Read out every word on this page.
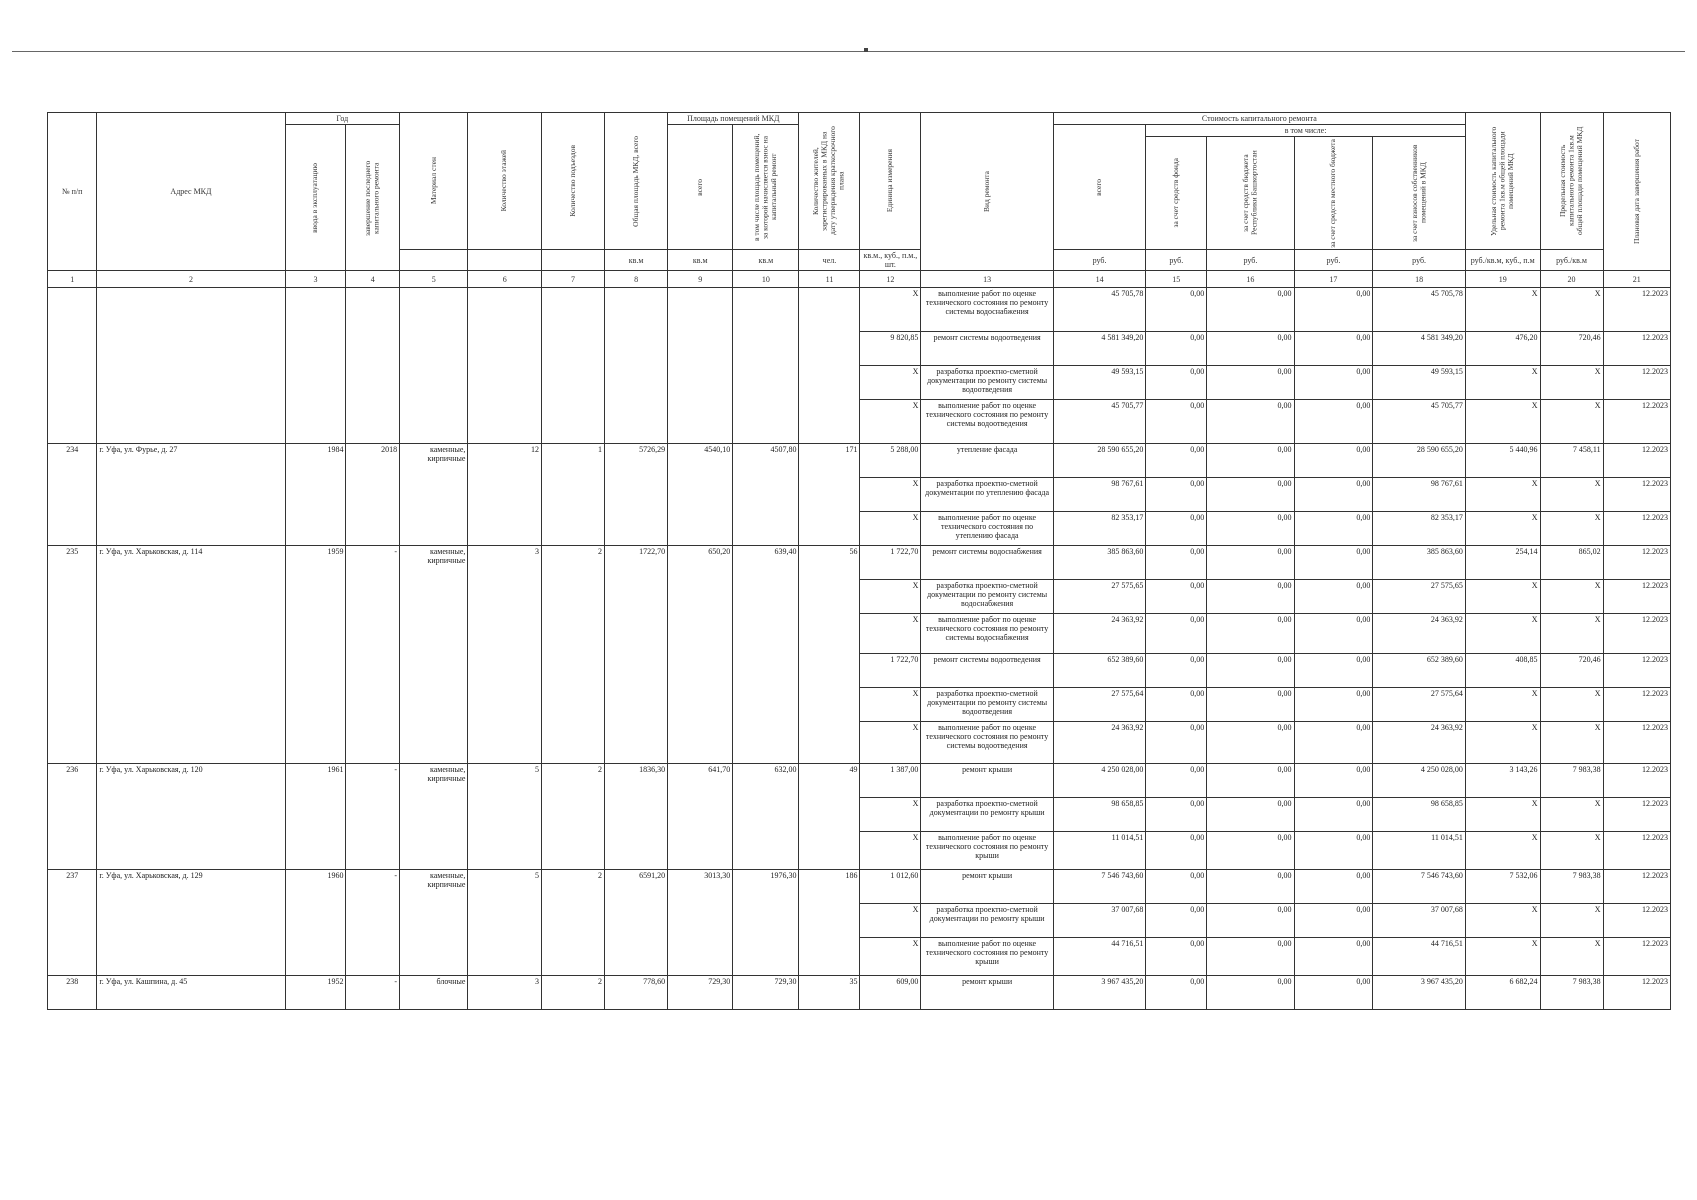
№ п/п	Адрес МКД	Год		Материал стен	Количество этажей	Количество подъездов	Общая площадь МКД, всего	Площадь помещений МКД		Количество жителей, зарегистрированных в МКД на дату утверждения краткосрочного плана	Единица измерения	Вид ремонта	Стоимость капитального ремонта					Удельная стоимость капитального ремонта 1кв.м общей площади помещений МКД	Предельная стоимость капитального ремонта 1кв.м общей площади помещений МКД	Плановая дата завершения работ

		ввода в эксплуатацию	завершение последнего капитального ремонта					всего	в том числе площадь помещений, за которой начисляется взнос на капитальный ремонт				всего	в том числе:						

														за счет средств фонда	за счет средств бюджета Республики Башкортостан	за счет средств местного бюджета	за счет взносов собственников помещений в МКД			

							кв.м	кв.м	кв.м	чел.	кв.м., куб., п.м., шт.		руб.	руб.	руб.	руб.	руб.	руб./кв.м, куб., п.м	руб./кв.м	
1	2	3	4	5	6	7	8	9	10	11	12	13	14	15	16	17	18	19	20	21
											X	выполнение работ по оценке технического состояния по ремонту системы водоснабжения	45 705,78	0,00	0,00	0,00	45 705,78	X	X	12.2023
											9 820,85	ремонт системы водоотведения	4 581 349,20	0,00	0,00	0,00	4 581 349,20	476,20	720,46	12.2023
											X	разработка проектно-сметной документации по ремонту системы водоотведения	49 593,15	0,00	0,00	0,00	49 593,15	X	X	12.2023
											X	выполнение работ по оценке технического состояния по ремонту системы водоотведения	45 705,77	0,00	0,00	0,00	45 705,77	X	X	12.2023
234	г. Уфа, ул. Фурье, д. 27	1984	2018	каменные, кирпичные	12	1	5726,29	4540,10	4507,80	171	5 288,00	утепление фасада	28 590 655,20	0,00	0,00	0,00	28 590 655,20	5 440,96	7 458,11	12.2023
											X	разработка проектно-сметной документации по утеплению фасада	98 767,61	0,00	0,00	0,00	98 767,61	X	X	12.2023
											X	выполнение работ по оценке технического состояния по утеплению фасада	82 353,17	0,00	0,00	0,00	82 353,17	X	X	12.2023
235	г. Уфа, ул. Харьковская, д. 114	1959	-	каменные, кирпичные	3	2	1722,70	650,20	639,40	56	1 722,70	ремонт системы водоснабжения	385 863,60	0,00	0,00	0,00	385 863,60	254,14	865,02	12.2023
											X	разработка проектно-сметной документации по ремонту системы водоснабжения	27 575,65	0,00	0,00	0,00	27 575,65	X	X	12.2023
											X	выполнение работ по оценке технического состояния по ремонту системы водоснабжения	24 363,92	0,00	0,00	0,00	24 363,92	X	X	12.2023
											1 722,70	ремонт системы водоотведения	652 389,60	0,00	0,00	0,00	652 389,60	408,85	720,46	12.2023
											X	разработка проектно-сметной документации по ремонту системы водоотведения	27 575,64	0,00	0,00	0,00	27 575,64	X	X	12.2023
											X	выполнение работ по оценке технического состояния по ремонту системы водоотведения	24 363,92	0,00	0,00	0,00	24 363,92	X	X	12.2023
236	г. Уфа, ул. Харьковская, д. 120	1961	-	каменные, кирпичные	5	2	1836,30	641,70	632,00	49	1 387,00	ремонт крыши	4 250 028,00	0,00	0,00	0,00	4 250 028,00	3 143,26	7 983,38	12.2023
											X	разработка проектно-сметной документации по ремонту крыши	98 658,85	0,00	0,00	0,00	98 658,85	X	X	12.2023
											X	выполнение работ по оценке технического состояния по ремонту крыши	11 014,51	0,00	0,00	0,00	11 014,51	X	X	12.2023
237	г. Уфа, ул. Харьковская, д. 129	1960	-	каменные, кирпичные	5	2	6591,20	3013,30	1976,30	186	1 012,60	ремонт крыши	7 546 743,60	0,00	0,00	0,00	7 546 743,60	7 532,06	7 983,38	12.2023
											X	разработка проектно-сметной документации по ремонту крыши	37 007,68	0,00	0,00	0,00	37 007,68	X	X	12.2023
											X	выполнение работ по оценке технического состояния по ремонту крыши	44 716,51	0,00	0,00	0,00	44 716,51	X	X	12.2023
238	г. Уфа, ул. Кашпина, д. 45	1952	-	блочные	3	2	778,60	729,30	729,30	35	609,00	ремонт крыши	3 967 435,20	0,00	0,00	0,00	3 967 435,20	6 682,24	7 983,38	12.2023
